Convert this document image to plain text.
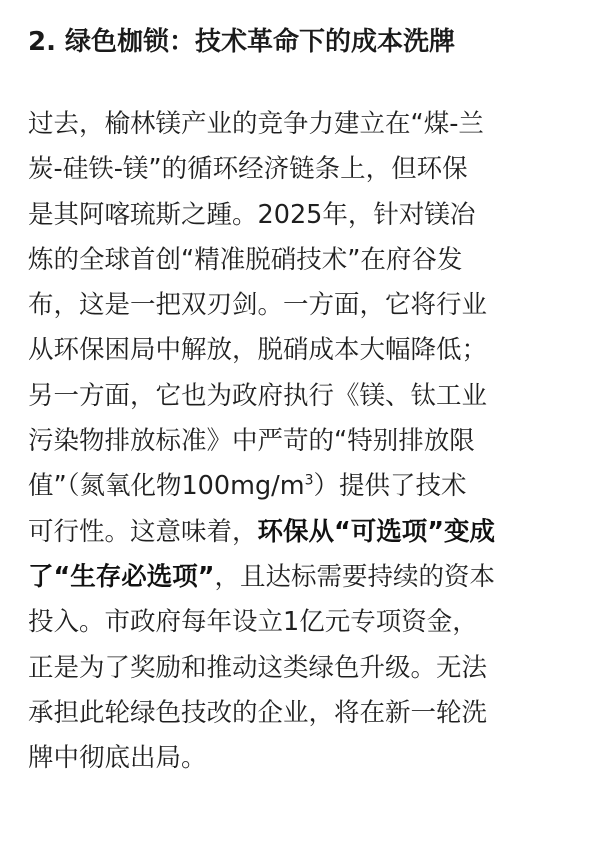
2. 绿色枷锁：技术革命下的成本洗牌
过去，榆林镁产业的竞争力建立在“煤-兰
炭-硅铁-镁”的循环经济链条上，但环保
是其阿喀琉斯之踵。2025年，针对镁冶
炼的全球首创“精准脱硝技术”在府谷发
布，这是一把双刃剑。一方面，它将行业
从环保困局中解放，脱硝成本大幅降低；
另一方面，它也为政府执行《镁、钛工业
污染物排放标准》中严苛的“特别排放限
值”（氮氧化物$100mg/m^3$）提供了技术
可行性。这意味着，环保从“可选项”变成
了“生存必选项”，且达标需要持续的资本
投入。市政府每年设立1亿元专项资金，
正是为了奖励和推动这类绿色升级。无法
承担此轮绿色技改的企业，将在新一轮洗
牌中彻底出局。
